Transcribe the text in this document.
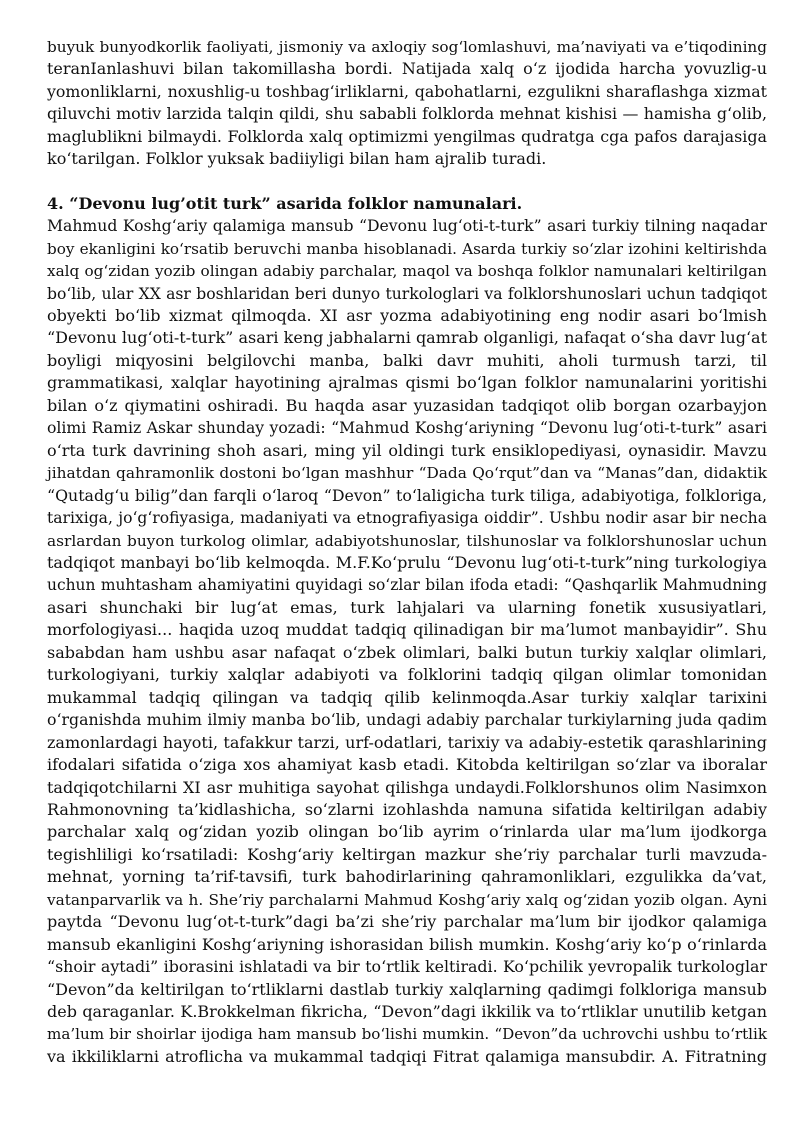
buyuk bunyodkorlik faoliyati, jismoniy va axloqiy sog‘lomlashuvi, ma’naviyati va e’tiqodining
teranIanlashuvi bilan takomillasha bordi. Natijada xalq o‘z ijodida harcha yovuzlig-u
yomonliklarni, noxushlig-u toshbag‘irliklarni, qabohatlarni, ezgulikni sharaflashga xizmat
qiluvchi motiv larzida talqin qildi, shu sababli folklorda mehnat kishisi — hamisha g‘olib,
maglublikni bilmaydi. Folklorda xalq optimizmi yengilmas qudratga cga pafos darajasiga
ko‘tarilgan. Folklor yuksak badiiyligi bilan ham ajralib turadi.
4. “Devonu lug’otit turk” asarida folklor namunalari.
Mahmud Koshg‘ariy qalamiga mansub “Devonu lug‘oti-t-turk” asari turkiy tilning naqadar
boy ekanligini ko‘rsatib beruvchi manba hisoblanadi. Asarda turkiy so‘zlar izohini keltirishda
xalq og‘zidan yozib olingan adabiy parchalar, maqol va boshqa folklor namunalari keltirilgan
bo‘lib, ular XX asr boshlaridan beri dunyo turkologlari va folklorshunoslari uchun tadqiqot
obyekti bo‘lib xizmat qilmoqda. XI asr yozma adabiyotining eng nodir asari bo‘lmish
“Devonu lug‘oti-t-turk” asari keng jabhalarni qamrab olganligi, nafaqat o‘sha davr lug‘at
boyligi miqyosini belgilovchi manba, balki davr muhiti, aholi turmush tarzi, til
grammatikasi, xalqlar hayotining ajralmas qismi bo‘lgan folklor namunalarini yoritishi
bilan o‘z qiymatini oshiradi. Bu haqda asar yuzasidan tadqiqot olib borgan ozarbayjon
olimi Ramiz Askar shunday yozadi: “Mahmud Koshg‘ariyning “Devonu lug‘oti-t-turk” asari
o‘rta turk davrining shoh asari, ming yil oldingi turk ensiklopediyasi, oynasidir. Mavzu
jihatdan qahramonlik dostoni bo‘lgan mashhur “Dada Qo‘rqut”dan va “Manas”dan, didaktik
“Qutadg‘u bilig”dan farqli o‘laroq “Devon” to‘laligicha turk tiliga, adabiyotiga, folkloriga,
tarixiga, jo‘g‘rofiyasiga, madaniyati va etnografiyasiga oiddir”. Ushbu nodir asar bir necha
asrlardan buyon turkolog olimlar, adabiyotshunoslar, tilshunoslar va folklorshunoslar uchun
tadqiqot manbayi bo‘lib kelmoqda. M.F.Ko‘prulu “Devonu lug‘oti-t-turk”ning turkologiya
uchun muhtasham ahamiyatini quyidagi so‘zlar bilan ifoda etadi: “Qashqarlik Mahmudning
asari shunchaki bir lug‘at emas, turk lahjalari va ularning fonetik xususiyatlari,
morfologiyasi... haqida uzoq muddat tadqiq qilinadigan bir ma’lumot manbayidir”. Shu
sababdan ham ushbu asar nafaqat o‘zbek olimlari, balki butun turkiy xalqlar olimlari,
turkologiyani, turkiy xalqlar adabiyoti va folklorini tadqiq qilgan olimlar tomonidan
mukammal tadqiq qilingan va tadqiq qilib kelinmoqda.Asar turkiy xalqlar tarixini
o‘rganishda muhim ilmiy manba bo‘lib, undagi adabiy parchalar turkiylarning juda qadim
zamonlardagi hayoti, tafakkur tarzi, urf-odatlari, tarixiy va adabiy-estetik qarashlarining
ifodalari sifatida o‘ziga xos ahamiyat kasb etadi. Kitobda keltirilgan so‘zlar va iboralar
tadqiqotchilarni XI asr muhitiga sayohat qilishga undaydi.Folklorshunos olim Nasimxon
Rahmonovning ta’kidlashicha, so‘zlarni izohlashda namuna sifatida keltirilgan adabiy
parchalar xalq og‘zidan yozib olingan bo‘lib ayrim o‘rinlarda ular ma’lum ijodkorga
tegishliligi ko‘rsatiladi: Koshg‘ariy keltirgan mazkur she’riy parchalar turli mavzuda-
mehnat, yorning ta’rif-tavsifi, turk bahodirlarining qahramonliklari, ezgulikka da’vat,
vatanparvarlik va h. She’riy parchalarni Mahmud Koshg‘ariy xalq og‘zidan yozib olgan. Ayni
paytda “Devonu lug‘ot-t-turk”dagi ba’zi she’riy parchalar ma’lum bir ijodkor qalamiga
mansub ekanligini Koshg‘ariyning ishorasidan bilish mumkin. Koshg‘ariy ko‘p o‘rinlarda
“shoir aytadi” iborasini ishlatadi va bir to‘rtlik keltiradi. Ko‘pchilik yevropalik turkologlar
“Devon”da keltirilgan to‘rtliklarni dastlab turkiy xalqlarning qadimgi folkloriga mansub
deb qaraganlar. K.Brokkelman fikricha, “Devon”dagi ikkilik va to‘rtliklar unutilib ketgan
ma’lum bir shoirlar ijodiga ham mansub bo‘lishi mumkin. “Devon”da uchrovchi ushbu to‘rtlik
va ikkiliklarni atroflicha va mukammal tadqiqi Fitrat qalamiga mansubdir. A. Fitratning
